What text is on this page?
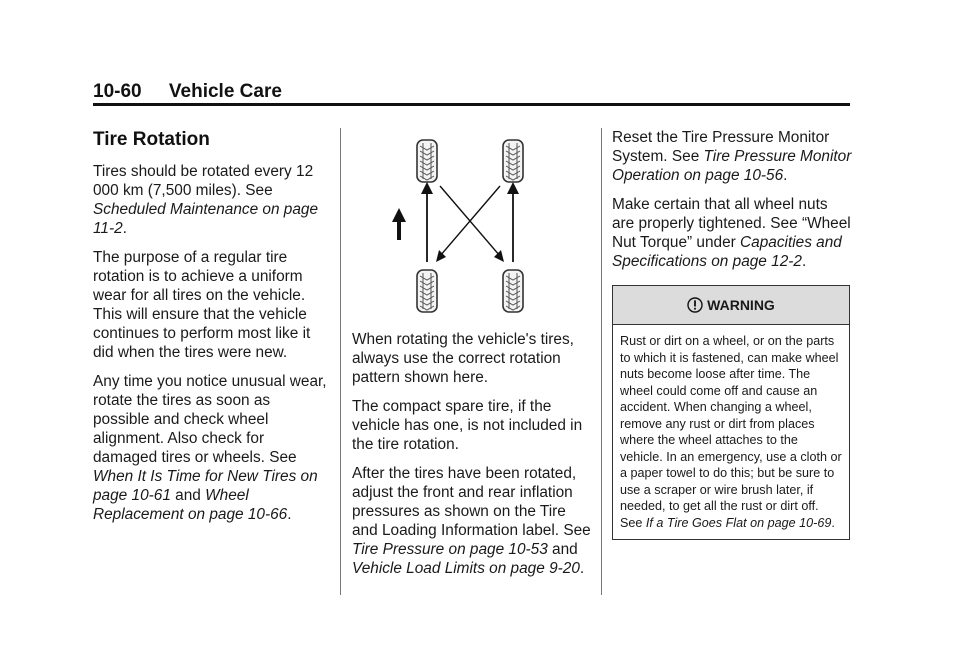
10-60 Vehicle Care
Tire Rotation

Tires should be rotated every 12 000 km (7,500 miles). See Scheduled Maintenance on page 11-2.

The purpose of a regular tire rotation is to achieve a uniform wear for all tires on the vehicle. This will ensure that the vehicle continues to perform most like it did when the tires were new.

Any time you notice unusual wear, rotate the tires as soon as possible and check wheel alignment. Also check for damaged tires or wheels. See When It Is Time for New Tires on page 10-61 and Wheel Replacement on page 10-66.

When rotating the vehicle's tires, always use the correct rotation pattern shown here.

The compact spare tire, if the vehicle has one, is not included in the tire rotation.

After the tires have been rotated, adjust the front and rear inflation pressures as shown on the Tire and Loading Information label. See Tire Pressure on page 10-53 and Vehicle Load Limits on page 9-20.

Reset the Tire Pressure Monitor System. See Tire Pressure Monitor Operation on page 10-56.

Make certain that all wheel nuts are properly tightened. See “Wheel Nut Torque” under Capacities and Specifications on page 12-2.

WARNING
Rust or dirt on a wheel, or on the parts to which it is fastened, can make wheel nuts become loose after time. The wheel could come off and cause an accident. When changing a wheel, remove any rust or dirt from places where the wheel attaches to the vehicle. In an emergency, use a cloth or a paper towel to do this; but be sure to use a scraper or wire brush later, if needed, to get all the rust or dirt off. See If a Tire Goes Flat on page 10-69.
